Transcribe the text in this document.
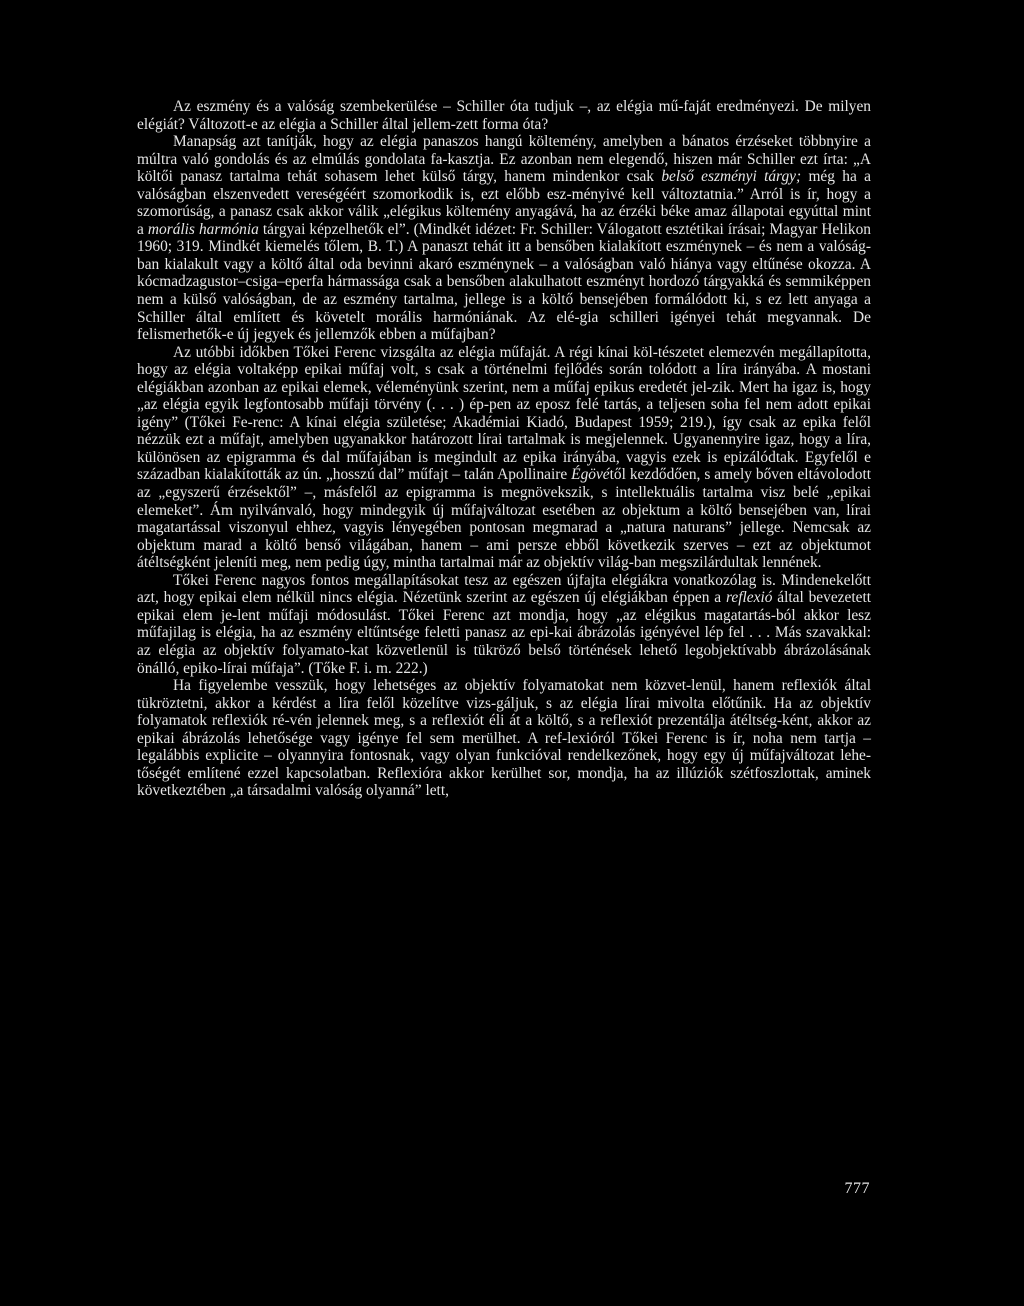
Az eszmény és a valóság szembekerülése – Schiller óta tudjuk –, az elégia mű-faját eredményezi. De milyen elégiát? Változott-e az elégia a Schiller által jellem-zett forma óta?

Manapság azt tanítják, hogy az elégia panaszos hangú költemény, amelyben a bánatos érzéseket többnyire a múltra való gondolás és az elmúlás gondolata fa-kasztja. Ez azonban nem elegendő, hiszen már Schiller ezt írta: „A költői panasz tartalma tehát sohasem lehet külső tárgy, hanem mindenkor csak belső eszményi tárgy; még ha a valóságban elszenvedett vereségéért szomorkodik is, ezt előbb esz-ményivé kell változtatnia.” Arról is ír, hogy a szomorúság, a panasz csak akkor válik „elégikus költemény anyagává, ha az érzéki béke amaz állapotai egyúttal mint a morális harmónia tárgyai képzelhetők el”. (Mindkét idézet: Fr. Schiller: Válogatott esztétikai írásai; Magyar Helikon 1960; 319. Mindkét kiemelés tőlem, B. T.) A panaszt tehát itt a bensőben kialakított eszménynek – és nem a valóság-ban kialakult vagy a költő által oda bevinni akaró eszménynek – a valóságban való hiánya vagy eltűnése okozza. A kócmadzagustor–csiga–eperfa hármassága csak a bensőben alakulhatott eszményt hordozó tárgyakká és semmiképpen nem a külső valóságban, de az eszmény tartalma, jellege is a költő bensejében formálódott ki, s ez lett anyaga a Schiller által említett és követelt morális harmóniának. Az elé-gia schilleri igényei tehát megvannak. De felismerhetők-e új jegyek és jellemzők ebben a műfajban?

Az utóbbi időkben Tőkei Ferenc vizsgálta az elégia műfaját. A régi kínai köl-tészetet elemezvén megállapította, hogy az elégia voltaképp epikai műfaj volt, s csak a történelmi fejlődés során tolódott a líra irányába. A mostani elégiákban azonban az epikai elemek, véleményünk szerint, nem a műfaj epikus eredetét jel-zik. Mert ha igaz is, hogy „az elégia egyik legfontosabb műfaji törvény (. . . ) ép-pen az eposz felé tartás, a teljesen soha fel nem adott epikai igény” (Tőkei Fe-renc: A kínai elégia születése; Akadémiai Kiadó, Budapest 1959; 219.), így csak az epika felől nézzük ezt a műfajt, amelyben ugyanakkor határozott lírai tartalmak is megjelennek. Ugyanennyire igaz, hogy a líra, különösen az epigramma és dal műfajában is megindult az epika irányába, vagyis ezek is epizálódtak. Egyfelől e században kialakították az ún. „hosszú dal” műfajt – talán Apollinaire Égövétől kezdődően, s amely bőven eltávolodott az „egyszerű érzésektől” –, másfelől az epigramma is megnövekszik, s intellektuális tartalma visz belé „epikai elemeket”. Ám nyilvánvaló, hogy mindegyik új műfajváltozat esetében az objektum a költő bensejében van, lírai magatartással viszonyul ehhez, vagyis lényegében pontosan megmarad a „natura naturans” jellege. Nemcsak az objektum marad a költő benső világában, hanem – ami persze ebből következik szerves – ezt az objektumot átéltségként jeleníti meg, nem pedig úgy, mintha tartalmai már az objektív világ-ban megszilárdultak lennének.

Tőkei Ferenc nagyos fontos megállapításokat tesz az egészen újfajta elégiákra vonatkozólag is. Mindenekelőtt azt, hogy epikai elem nélkül nincs elégia. Nézetünk szerint az egészen új elégiákban éppen a reflexió által bevezetett epikai elem je-lent műfaji módosulást. Tőkei Ferenc azt mondja, hogy „az elégikus magatartás-ból akkor lesz műfajilag is elégia, ha az eszmény eltűntsége feletti panasz az epi-kai ábrázolás igényével lép fel . . . Más szavakkal: az elégia az objektív folyamato-kat közvetlenül is tükröző belső történések lehető legobjektívabb ábrázolásának önálló, epiko-lírai műfaja”. (Tőke F. i. m. 222.)

Ha figyelembe vesszük, hogy lehetséges az objektív folyamatokat nem közvet-lenül, hanem reflexiók által tükröztetni, akkor a kérdést a líra felől közelítve vizs-gáljuk, s az elégia lírai mivolta előtűnik. Ha az objektív folyamatok reflexiók ré-vén jelennek meg, s a reflexiót éli át a költő, s a reflexiót prezentálja átéltség-ként, akkor az epikai ábrázolás lehetősége vagy igénye fel sem merülhet. A ref-lexióról Tőkei Ferenc is ír, noha nem tartja – legalábbis explicite – olyannyira fontosnak, vagy olyan funkcióval rendelkezőnek, hogy egy új műfajváltozat lehe-tőségét említené ezzel kapcsolatban. Reflexióra akkor kerülhet sor, mondja, ha az illúziók szétfoszlottak, aminek következtében „a társadalmi valóság olyanná” lett,

777
